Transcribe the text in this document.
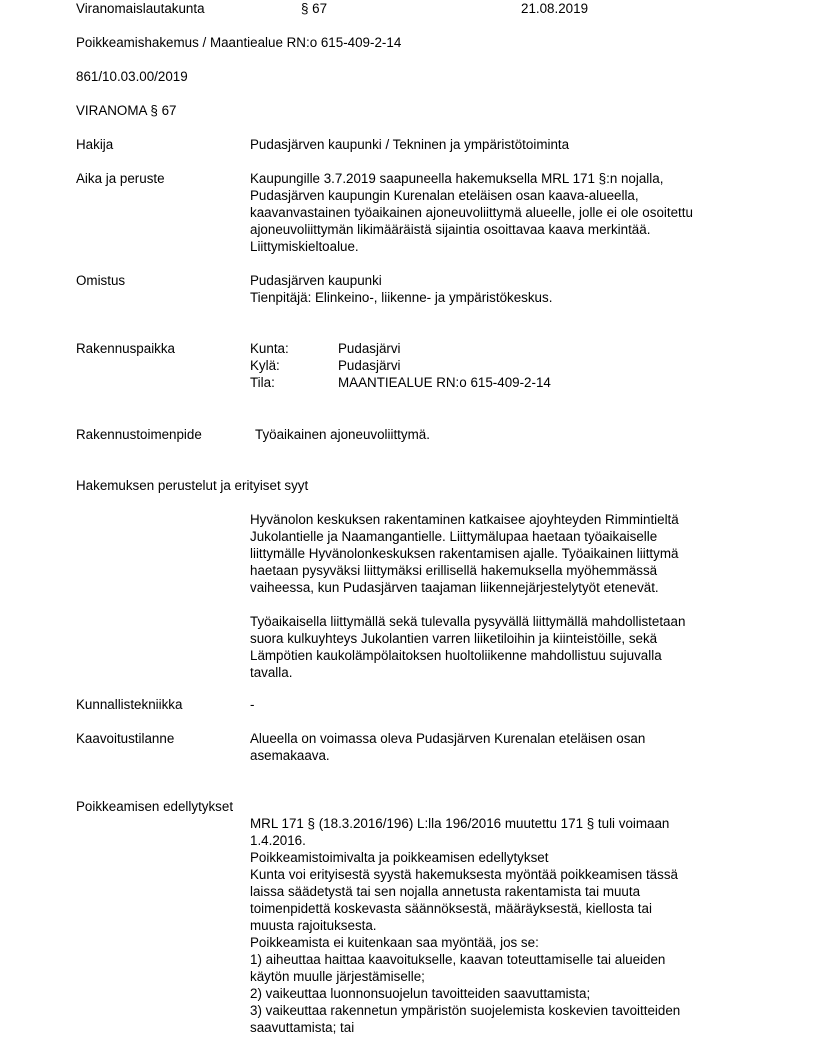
Viranomaislautakunta	§ 67	21.08.2019
Poikkeamishakemus / Maantiealue RN:o 615-409-2-14
861/10.03.00/2019
VIRANOMA § 67
Hakija	Pudasjärven kaupunki / Tekninen ja ympäristötoiminta
Aika ja peruste	Kaupungille 3.7.2019 saapuneella hakemuksella MRL 171 §:n nojalla,
Pudasjärven kaupungin Kurenalan eteläisen osan kaava-alueella,
kaavanvastainen työaikainen ajoneuvoliittymä alueelle, jolle ei ole osoitettu
ajoneuvoliittymän likimääräistä sijaintia osoittavaa kaava merkintää.
Liittymiskieltoalue.
Omistus	Pudasjärven kaupunki
Tienpitäjä: Elinkeino-, liikenne- ja ympäristökeskus.
Rakennuspaikka	Kunta:	Pudasjärvi
Kylä:	Pudasjärvi
Tila:	MAANTIEALUE RN:o 615-409-2-14
Rakennustoimenpide	Työaikainen ajoneuvoliittymä.
Hakemuksen perustelut ja erityiset syyt
Hyvänolon keskuksen rakentaminen katkaisee ajoyhteyden Rimmintieltä
Jukolantielle ja Naamangantielle. Liittymälupaa haetaan työaikaiselle
liittymälle Hyvänolonkeskuksen rakentamisen ajalle. Työaikainen liittymä
haetaan pysyväksi liittymäksi erillisellä hakemuksella myöhemmässä
vaiheessa, kun Pudasjärven taajaman liikennejärjestelytyöt etenevät.
Työaikaisella liittymällä sekä tulevalla pysyvällä liittymällä mahdollistetaan
suora kulkuyhteys Jukolantien varren liiketiloihin ja kiinteistöille, sekä
Lämpötien kaukolämpölaitoksen huoltoliikenne mahdollistuu sujuvalla
tavalla.
Kunnallistekniikka	-
Kaavoitustilanne	Alueella on voimassa oleva Pudasjärven Kurenalan eteläisen osan
asemakaava.
Poikkeamisen edellytykset
MRL 171 § (18.3.2016/196) L:lla 196/2016 muutettu 171 § tuli voimaan
1.4.2016.
Poikkeamistoimivalta ja poikkeamisen edellytykset
Kunta voi erityisestä syystä hakemuksesta myöntää poikkeamisen tässä
laissa säädetystä tai sen nojalla annetusta rakentamista tai muuta
toimenpidettä koskevasta säännöksestä, määräyksestä, kiellosta tai
muusta rajoituksesta.
Poikkeamista ei kuitenkaan saa myöntää, jos se:
1) aiheuttaa haittaa kaavoitukselle, kaavan toteuttamiselle tai alueiden
käytön muulle järjestämiselle;
2) vaikeuttaa luonnonsuojelun tavoitteiden saavuttamista;
3) vaikeuttaa rakennetun ympäristön suojelemista koskevien tavoitteiden
saavuttamista; tai
